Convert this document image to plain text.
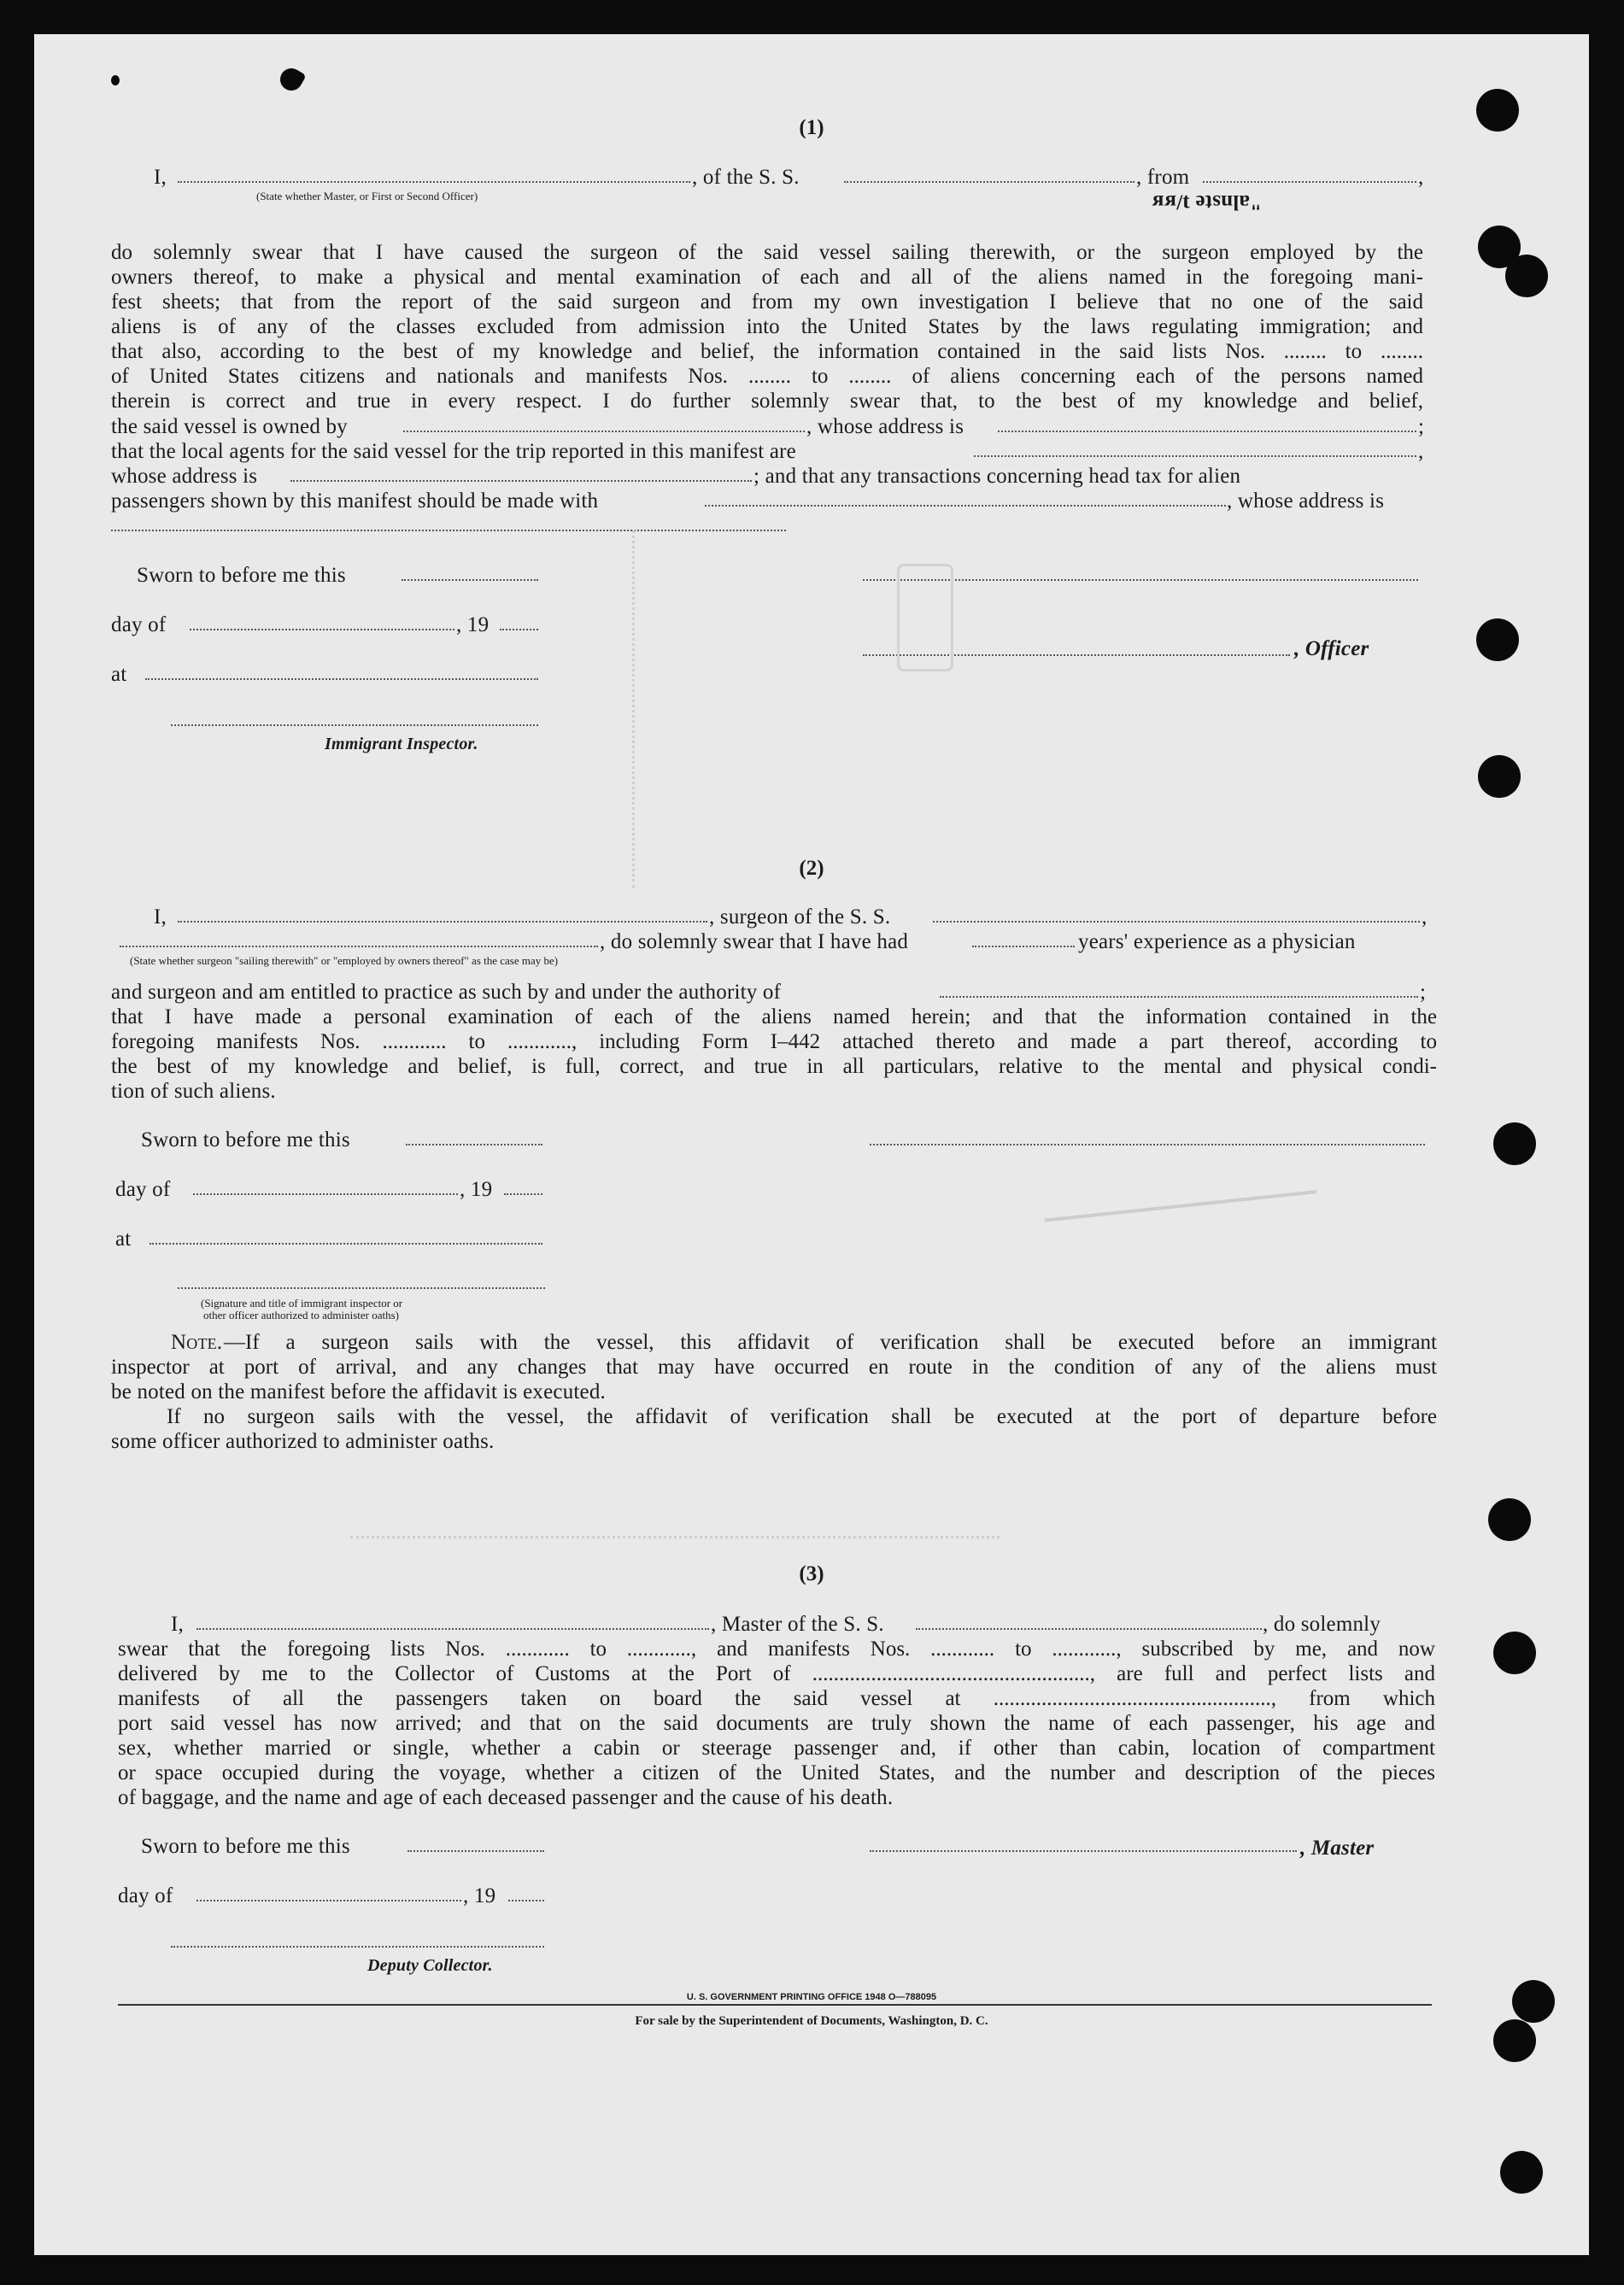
(1)
I,	, of the S. S.	, from	,
(State whether Master, or First or Second Officer)	"alnste ʇ/ʁʁ
do solemnly swear that I have caused the surgeon of the said vessel sailing therewith, or the surgeon employed by the
owners thereof, to make a physical and mental examination of each and all of the aliens named in the foregoing mani-
fest sheets; that from the report of the said surgeon and from my own investigation I believe that no one of the said
aliens is of any of the classes excluded from admission into the United States by the laws regulating immigration; and
that also, according to the best of my knowledge and belief, the information contained in the said lists Nos. ........ to ........
of United States citizens and nationals and manifests Nos. ........ to ........ of aliens concerning each of the persons named
therein is correct and true in every respect. I do further solemnly swear that, to the best of my knowledge and belief,
the said vessel is owned by	, whose address is	;
that the local agents for the said vessel for the trip reported in this manifest are	,
whose address is	; and that any transactions concerning head tax for alien
passengers shown by this manifest should be made with	, whose address is
Sworn to before me this
day of	, 19
, Officer
at
Immigrant Inspector.
(2)
I,	, surgeon of the S. S.	,
, do solemnly swear that I have had	years' experience as a physician
(State whether surgeon "sailing therewith" or "employed by owners thereof" as the case may be)
and surgeon and am entitled to practice as such by and under the authority of	;
that I have made a personal examination of each of the aliens named herein; and that the information contained in the
foregoing manifests Nos. ............ to ............, including Form I–442 attached thereto and made a part thereof, according to
the best of my knowledge and belief, is full, correct, and true in all particulars, relative to the mental and physical condi-
tion of such aliens.
Sworn to before me this
day of	, 19
at
(Signature and title of immigrant inspector or
other officer authorized to administer oaths)
Note. —If a surgeon sails with the vessel, this affidavit of verification shall be executed before an immigrant
inspector at port of arrival, and any changes that may have occurred en route in the condition of any of the aliens must
be noted on the manifest before the affidavit is executed.
If no surgeon sails with the vessel, the affidavit of verification shall be executed at the port of departure before
some officer authorized to administer oaths.
(3)
I,	, Master of the S. S.	, do solemnly
swear that the foregoing lists Nos. ............ to ............, and manifests Nos. ............ to ............, subscribed by me, and now
delivered by me to the Collector of Customs at the Port of ...................................................., are full and perfect lists and
manifests of all the passengers taken on board the said vessel at ...................................................., from which
port said vessel has now arrived; and that on the said documents are truly shown the name of each passenger, his age and
sex, whether married or single, whether a cabin or steerage passenger and, if other than cabin, location of compartment
or space occupied during the voyage, whether a citizen of the United States, and the number and description of the pieces
of baggage, and the name and age of each deceased passenger and the cause of his death.
Sworn to before me this	, Master
day of	, 19
Deputy Collector.
U. S. GOVERNMENT PRINTING OFFICE 1948 O—788095
For sale by the Superintendent of Documents, Washington, D. C.
